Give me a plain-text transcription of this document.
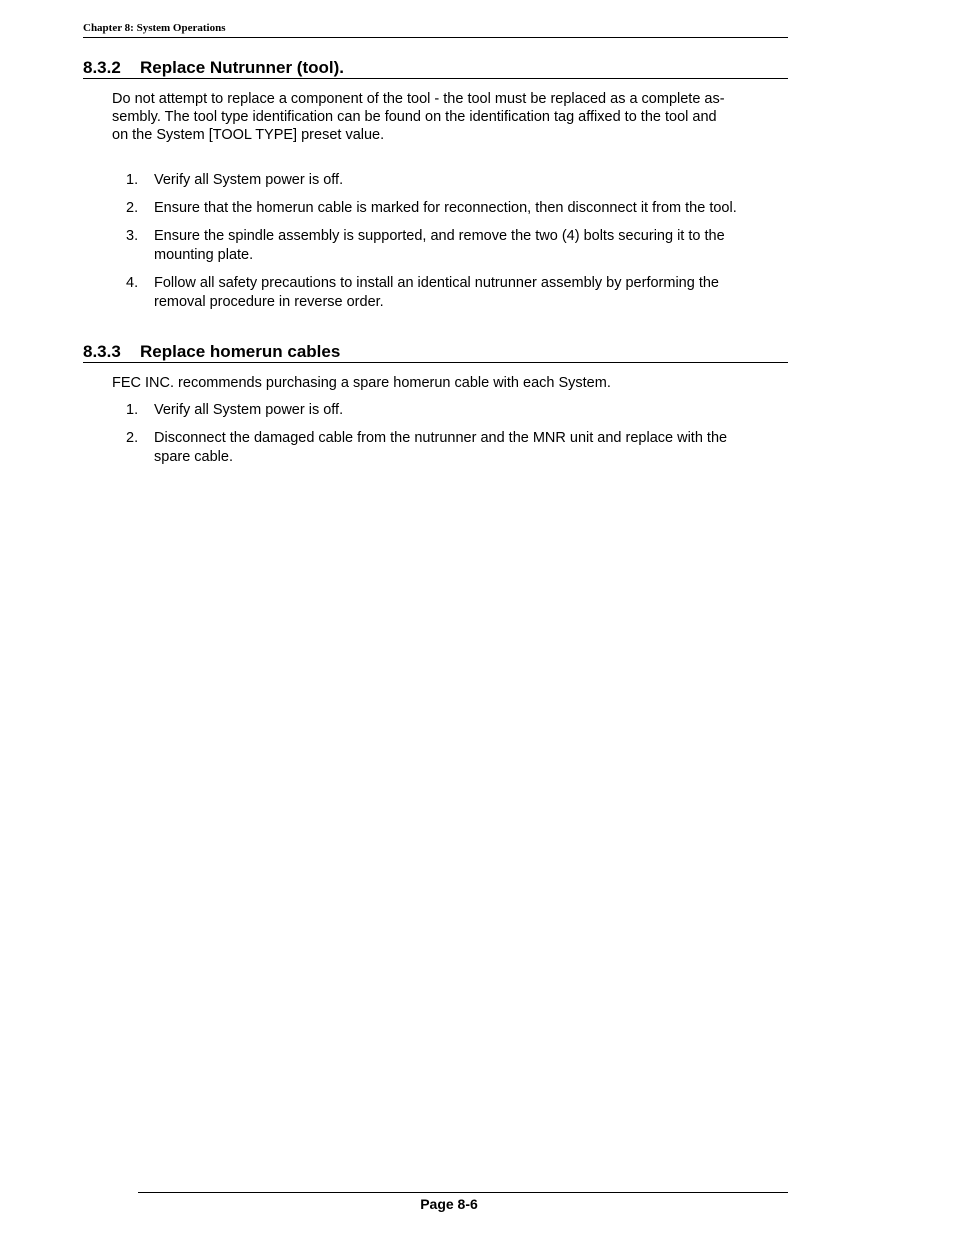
Chapter 8: System Operations
8.3.2 Replace Nutrunner (tool).
Do not attempt to replace a component of the tool - the tool must be replaced as a complete as-
sembly. The tool type identification can be found on the identification tag affixed to the tool and
on the System [TOOL TYPE] preset value.
1. Verify all System power is off.
2. Ensure that the homerun cable is marked for reconnection, then disconnect it from the tool.
3. Ensure the spindle assembly is supported, and remove the two (4) bolts securing it to the
mounting plate.
4. Follow all safety precautions to install an identical nutrunner assembly by performing the
removal procedure in reverse order.
8.3.3 Replace homerun cables
FEC INC. recommends purchasing a spare homerun cable with each System.
1. Verify all System power is off.
2. Disconnect the damaged cable from the nutrunner and the MNR unit and replace with the
spare cable.
Page 8-6
